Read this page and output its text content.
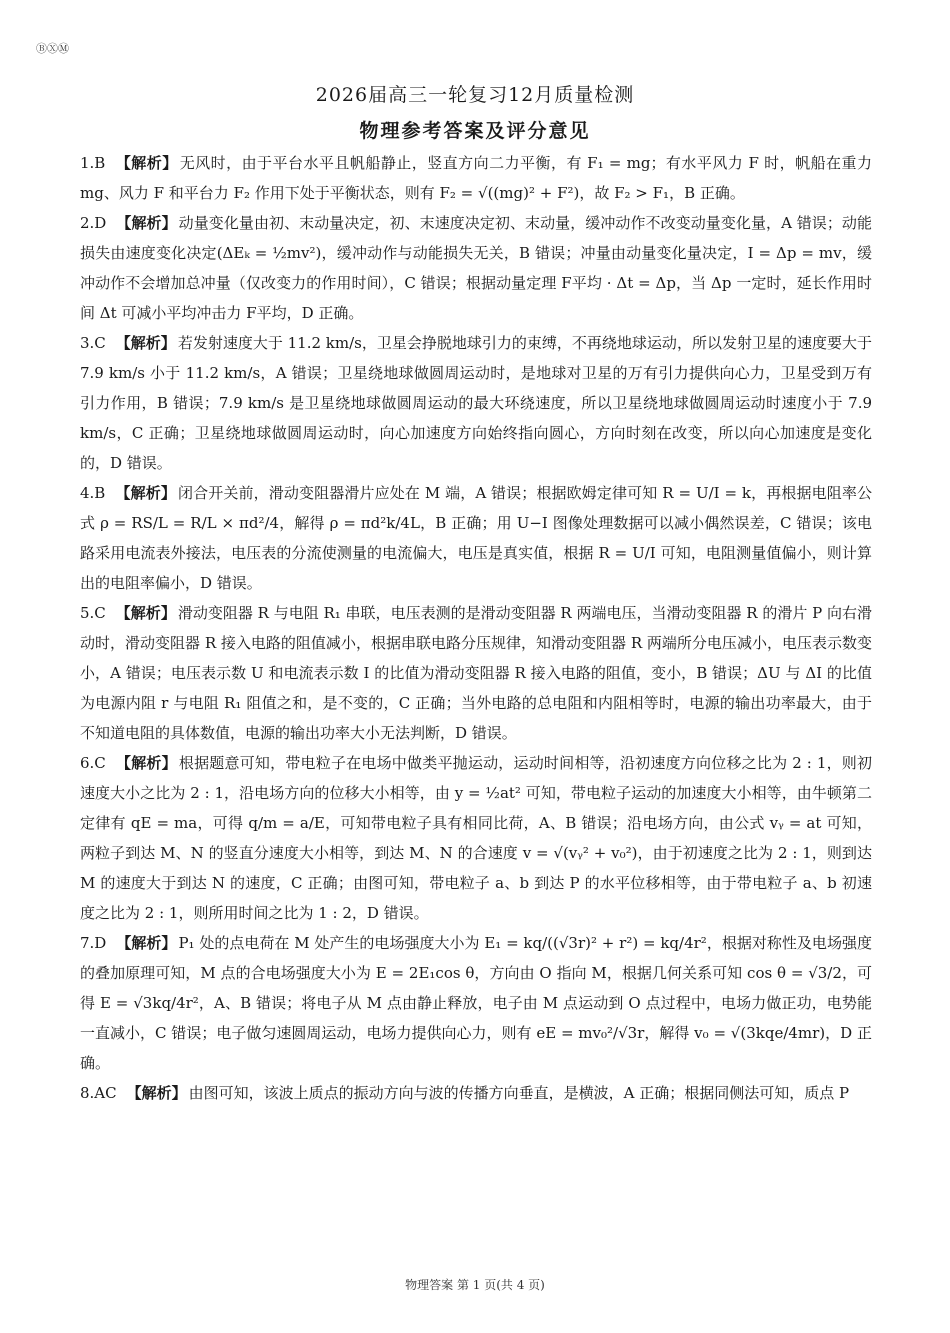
ⒷⓍⓂ
2026届高三一轮复习12月质量检测
物理参考答案及评分意见

1.B 【解析】 无风时，由于平台水平且帆船静止，竖直方向二力平衡，有 F₁ = mg；有水平风力 F 时，帆船在重力 mg、风力 F 和平台力 F₂ 作用下处于平衡状态，则有 F₂ = √((mg)² + F²)，故 F₂ > F₁，B 正确。

2.D 【解析】 动量变化量由初、末动量决定，初、末速度决定初、末动量，缓冲动作不改变动量变化量，A 错误；动能损失由速度变化决定(ΔEₖ = ½mv²)，缓冲动作与动能损失无关，B 错误；冲量由动量变化量决定，I = Δp = mv，缓冲动作不会增加总冲量（仅改变力的作用时间），C 错误；根据动量定理 F平均 · Δt = Δp，当 Δp 一定时，延长作用时间 Δt 可减小平均冲击力 F平均，D 正确。

3.C 【解析】 若发射速度大于 11.2 km/s，卫星会挣脱地球引力的束缚，不再绕地球运动，所以发射卫星的速度要大于 7.9 km/s 小于 11.2 km/s，A 错误；卫星绕地球做圆周运动时，是地球对卫星的万有引力提供向心力，卫星受到万有引力作用，B 错误；7.9 km/s 是卫星绕地球做圆周运动的最大环绕速度，所以卫星绕地球做圆周运动时速度小于 7.9 km/s，C 正确；卫星绕地球做圆周运动时，向心加速度方向始终指向圆心，方向时刻在改变，所以向心加速度是变化的，D 错误。

4.B 【解析】 闭合开关前，滑动变阻器滑片应处在 M 端，A 错误；根据欧姆定律可知 R = U/I = k，再根据电阻率公式 ρ = RS/L = R/L × πd²/4，解得 ρ = πd²k/4L，B 正确；用 U−I 图像处理数据可以减小偶然误差，C 错误；该电路采用电流表外接法，电压表的分流使测量的电流偏大，电压是真实值，根据 R = U/I 可知，电阻测量值偏小，则计算出的电阻率偏小，D 错误。

5.C 【解析】 滑动变阻器 R 与电阻 R₁ 串联，电压表测的是滑动变阻器 R 两端电压，当滑动变阻器 R 的滑片 P 向右滑动时，滑动变阻器 R 接入电路的阻值减小，根据串联电路分压规律，知滑动变阻器 R 两端所分电压减小，电压表示数变小，A 错误；电压表示数 U 和电流表示数 I 的比值为滑动变阻器 R 接入电路的阻值，变小，B 错误；ΔU 与 ΔI 的比值为电源内阻 r 与电阻 R₁ 阻值之和，是不变的，C 正确；当外电路的总电阻和内阻相等时，电源的输出功率最大，由于不知道电阻的具体数值，电源的输出功率大小无法判断，D 错误。

6.C 【解析】 根据题意可知，带电粒子在电场中做类平抛运动，运动时间相等，沿初速度方向位移之比为 2 : 1，则初速度大小之比为 2 : 1，沿电场方向的位移大小相等，由 y = ½at² 可知，带电粒子运动的加速度大小相等，由牛顿第二定律有 qE = ma，可得 q/m = a/E，可知带电粒子具有相同比荷，A、B 错误；沿电场方向，由公式 vᵧ = at 可知，两粒子到达 M、N 的竖直分速度大小相等，到达 M、N 的合速度 v = √(vᵧ² + v₀²)，由于初速度之比为 2 : 1，则到达 M 的速度大于到达 N 的速度，C 正确；由图可知，带电粒子 a、b 到达 P 的水平位移相等，由于带电粒子 a、b 初速度之比为 2 : 1，则所用时间之比为 1 : 2，D 错误。

7.D 【解析】 P₁ 处的点电荷在 M 处产生的电场强度大小为 E₁ = kq/((√3r)² + r²) = kq/4r²，根据对称性及电场强度的叠加原理可知，M 点的合电场强度大小为 E = 2E₁cos θ，方向由 O 指向 M，根据几何关系可知 cos θ = √3/2，可得 E = √3kq/4r²，A、B 错误；将电子从 M 点由静止释放，电子由 M 点运动到 O 点过程中，电场力做正功，电势能一直减小，C 错误；电子做匀速圆周运动，电场力提供向心力，则有 eE = mv₀²/√3r，解得 v₀ = √(3kqe/4mr)，D 正确。

8.AC 【解析】 由图可知，该波上质点的振动方向与波的传播方向垂直，是横波，A 正确；根据同侧法可知，质点 P

物理答案 第 1 页(共 4 页)
